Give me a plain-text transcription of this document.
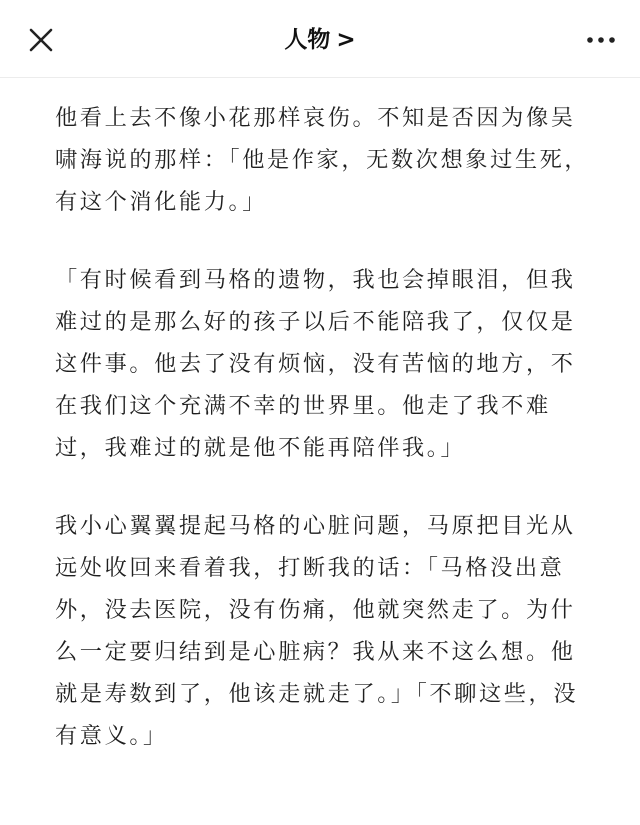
人物 >

他看上去不像小花那样哀伤。不知是否因为像吴啸海说的那样：「他是作家，无数次想象过生死，有这个消化能力。」

「有时候看到马格的遗物，我也会掉眼泪，但我难过的是那么好的孩子以后不能陪我了，仅仅是这件事。他去了没有烦恼，没有苦恼的地方，不在我们这个充满不幸的世界里。他走了我不难过，我难过的就是他不能再陪伴我。」

我小心翼翼提起马格的心脏问题，马原把目光从远处收回来看着我，打断我的话：「马格没出意外，没去医院，没有伤痛，他就突然走了。为什么一定要归结到是心脏病？我从来不这么想。他就是寿数到了，他该走就走了。」「不聊这些，没有意义。」
